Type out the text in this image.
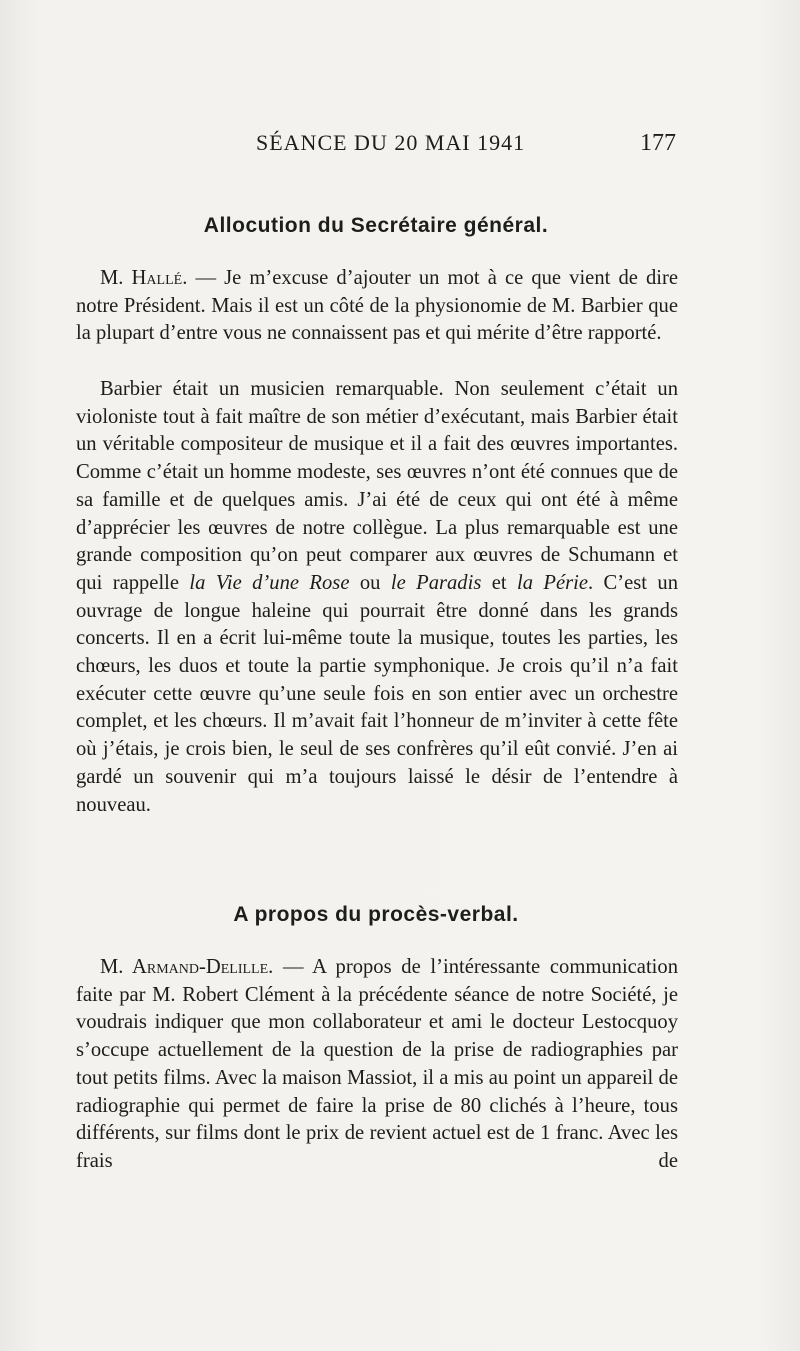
SÉANCE DU 20 MAI 1941	177
Allocution du Secrétaire général.

M. Hallé. — Je m’excuse d’ajouter un mot à ce que vient de dire notre Président. Mais il est un côté de la physionomie de M. Barbier que la plupart d’entre vous ne connaissent pas et qui mérite d’être rapporté.

Barbier était un musicien remarquable. Non seulement c’était un violoniste tout à fait maître de son métier d’exécutant, mais Barbier était un véritable compositeur de musique et il a fait des œuvres importantes. Comme c’était un homme modeste, ses œuvres n’ont été connues que de sa famille et de quelques amis. J’ai été de ceux qui ont été à même d’apprécier les œuvres de notre collègue. La plus remarquable est une grande composition qu’on peut comparer aux œuvres de Schumann et qui rappelle la Vie d’une Rose ou le Paradis et la Périe. C’est un ouvrage de longue haleine qui pourrait être donné dans les grands concerts. Il en a écrit lui-même toute la musique, toutes les parties, les chœurs, les duos et toute la partie symphonique. Je crois qu’il n’a fait exécuter cette œuvre qu’une seule fois en son entier avec un orchestre complet, et les chœurs. Il m’avait fait l’honneur de m’inviter à cette fête où j’étais, je crois bien, le seul de ses confrères qu’il eût convié. J’en ai gardé un souvenir qui m’a toujours laissé le désir de l’entendre à nouveau.

A propos du procès-verbal.

M. Armand-Delille. — A propos de l’intéressante communication faite par M. Robert Clément à la précédente séance de notre Société, je voudrais indiquer que mon collaborateur et ami le docteur Lestocquoy s’occupe actuellement de la question de la prise de radiographies par tout petits films. Avec la maison Massiot, il a mis au point un appareil de radiographie qui permet de faire la prise de 80 clichés à l’heure, tous différents, sur films dont le prix de revient actuel est de 1 franc. Avec les frais de
